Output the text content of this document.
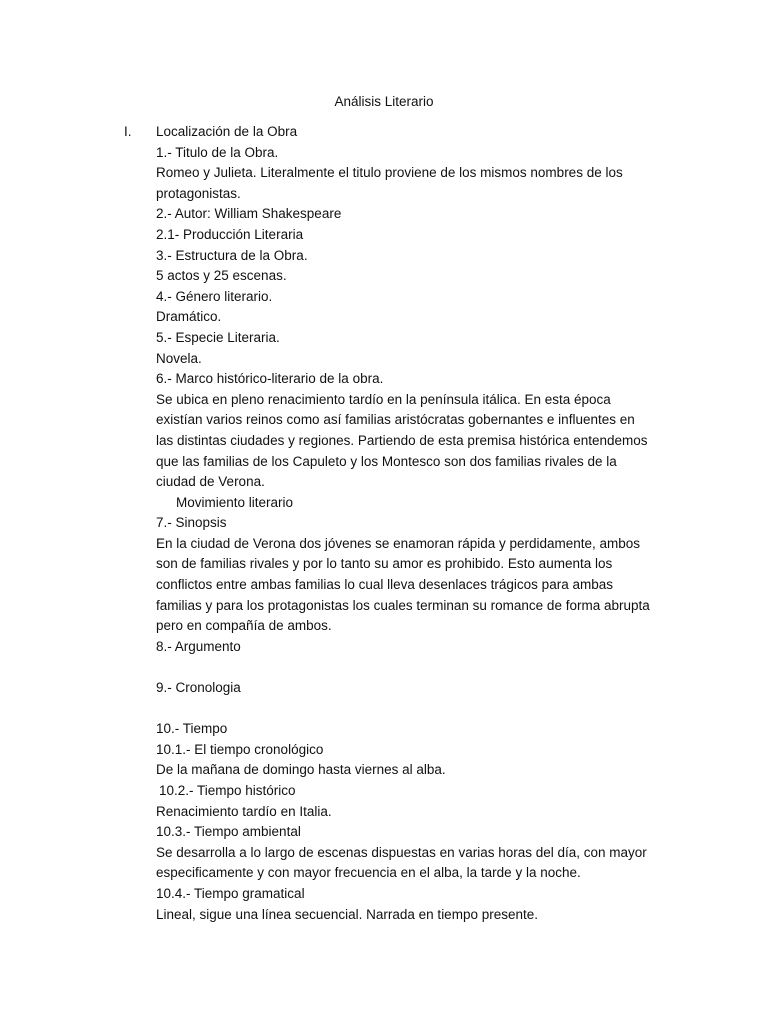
Análisis Literario
I. Localización de la Obra
1.- Titulo de la Obra.
Romeo y Julieta. Literalmente el titulo proviene de los mismos nombres de los
protagonistas.
2.- Autor: William Shakespeare
2.1- Producción Literaria
3.- Estructura de la Obra.
5 actos y 25 escenas.
4.- Género literario.
Dramático.
5.- Especie Literaria.
Novela.
6.- Marco histórico-literario de la obra.
Se ubica en pleno renacimiento tardío en la península itálica. En esta época
existían varios reinos como así familias aristócratas gobernantes e influentes en
las distintas ciudades y regiones. Partiendo de esta premisa histórica entendemos
que las familias de los Capuleto y los Montesco son dos familias rivales de la
ciudad de Verona.
Movimiento literario
7.- Sinopsis
En la ciudad de Verona dos jóvenes se enamoran rápida y perdidamente, ambos
son de familias rivales y por lo tanto su amor es prohibido. Esto aumenta los
conflictos entre ambas familias lo cual lleva desenlaces trágicos para ambas
familias y para los protagonistas los cuales terminan su romance de forma abrupta
pero en compañía de ambos.
8.- Argumento
9.- Cronologia
10.- Tiempo
10.1.- El tiempo cronológico
De la mañana de domingo hasta viernes al alba.
10.2.- Tiempo histórico
Renacimiento tardío en Italia.
10.3.- Tiempo ambiental
Se desarrolla a lo largo de escenas dispuestas en varias horas del día, con mayor
especificamente y con mayor frecuencia en el alba, la tarde y la noche.
10.4.- Tiempo gramatical
Lineal, sigue una línea secuencial. Narrada en tiempo presente.
